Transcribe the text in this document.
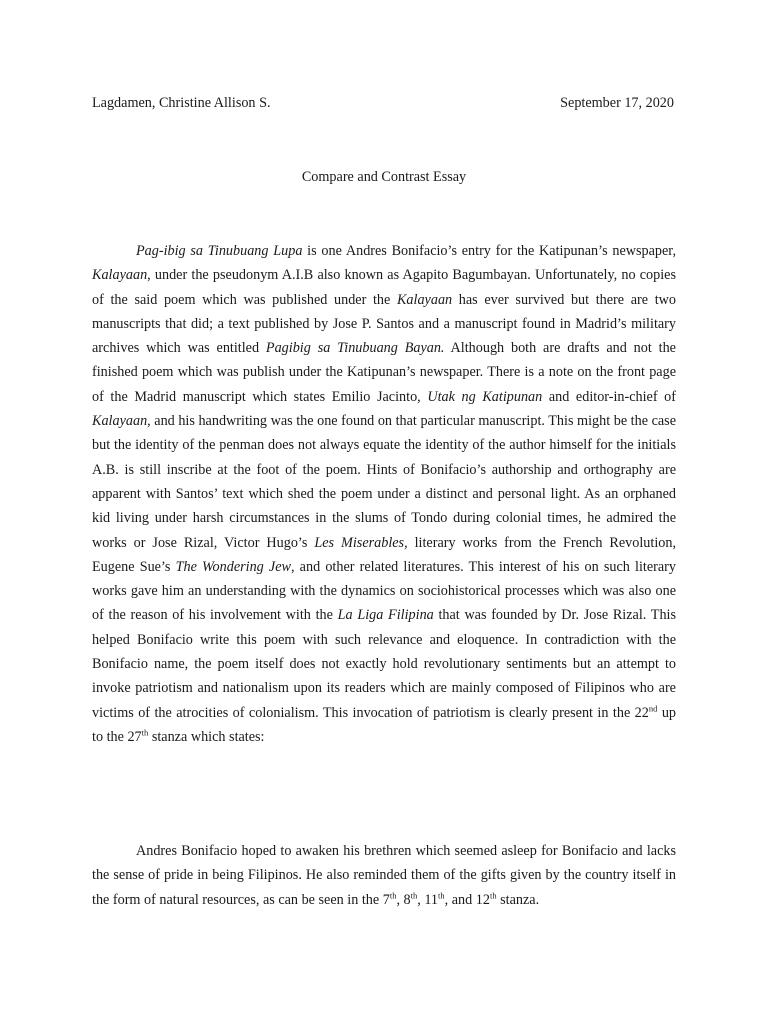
Lagdamen, Christine Allison S.	September 17, 2020
Compare and Contrast Essay

Pag-ibig sa Tinubuang Lupa is one Andres Bonifacio’s entry for the Katipunan’s newspaper, Kalayaan, under the pseudonym A.I.B also known as Agapito Bagumbayan. Unfortunately, no copies of the said poem which was published under the Kalayaan has ever survived but there are two manuscripts that did; a text published by Jose P. Santos and a manuscript found in Madrid’s military archives which was entitled Pagibig sa Tinubuang Bayan. Although both are drafts and not the finished poem which was publish under the Katipunan’s newspaper. There is a note on the front page of the Madrid manuscript which states Emilio Jacinto, Utak ng Katipunan and editor-in-chief of Kalayaan, and his handwriting was the one found on that particular manuscript. This might be the case but the identity of the penman does not always equate the identity of the author himself for the initials A.B. is still inscribe at the foot of the poem. Hints of Bonifacio’s authorship and orthography are apparent with Santos’ text which shed the poem under a distinct and personal light. As an orphaned kid living under harsh circumstances in the slums of Tondo during colonial times, he admired the works or Jose Rizal, Victor Hugo’s Les Miserables, literary works from the French Revolution, Eugene Sue’s The Wondering Jew, and other related literatures. This interest of his on such literary works gave him an understanding with the dynamics on sociohistorical processes which was also one of the reason of his involvement with the La Liga Filipina that was founded by Dr. Jose Rizal. This helped Bonifacio write this poem with such relevance and eloquence. In contradiction with the Bonifacio name, the poem itself does not exactly hold revolutionary sentiments but an attempt to invoke patriotism and nationalism upon its readers which are mainly composed of Filipinos who are victims of the atrocities of colonialism. This invocation of patriotism is clearly present in the 22nd up to the 27th stanza which states:

Andres Bonifacio hoped to awaken his brethren which seemed asleep for Bonifacio and lacks the sense of pride in being Filipinos. He also reminded them of the gifts given by the country itself in the form of natural resources, as can be seen in the 7th, 8th, 11th, and 12th stanza.
